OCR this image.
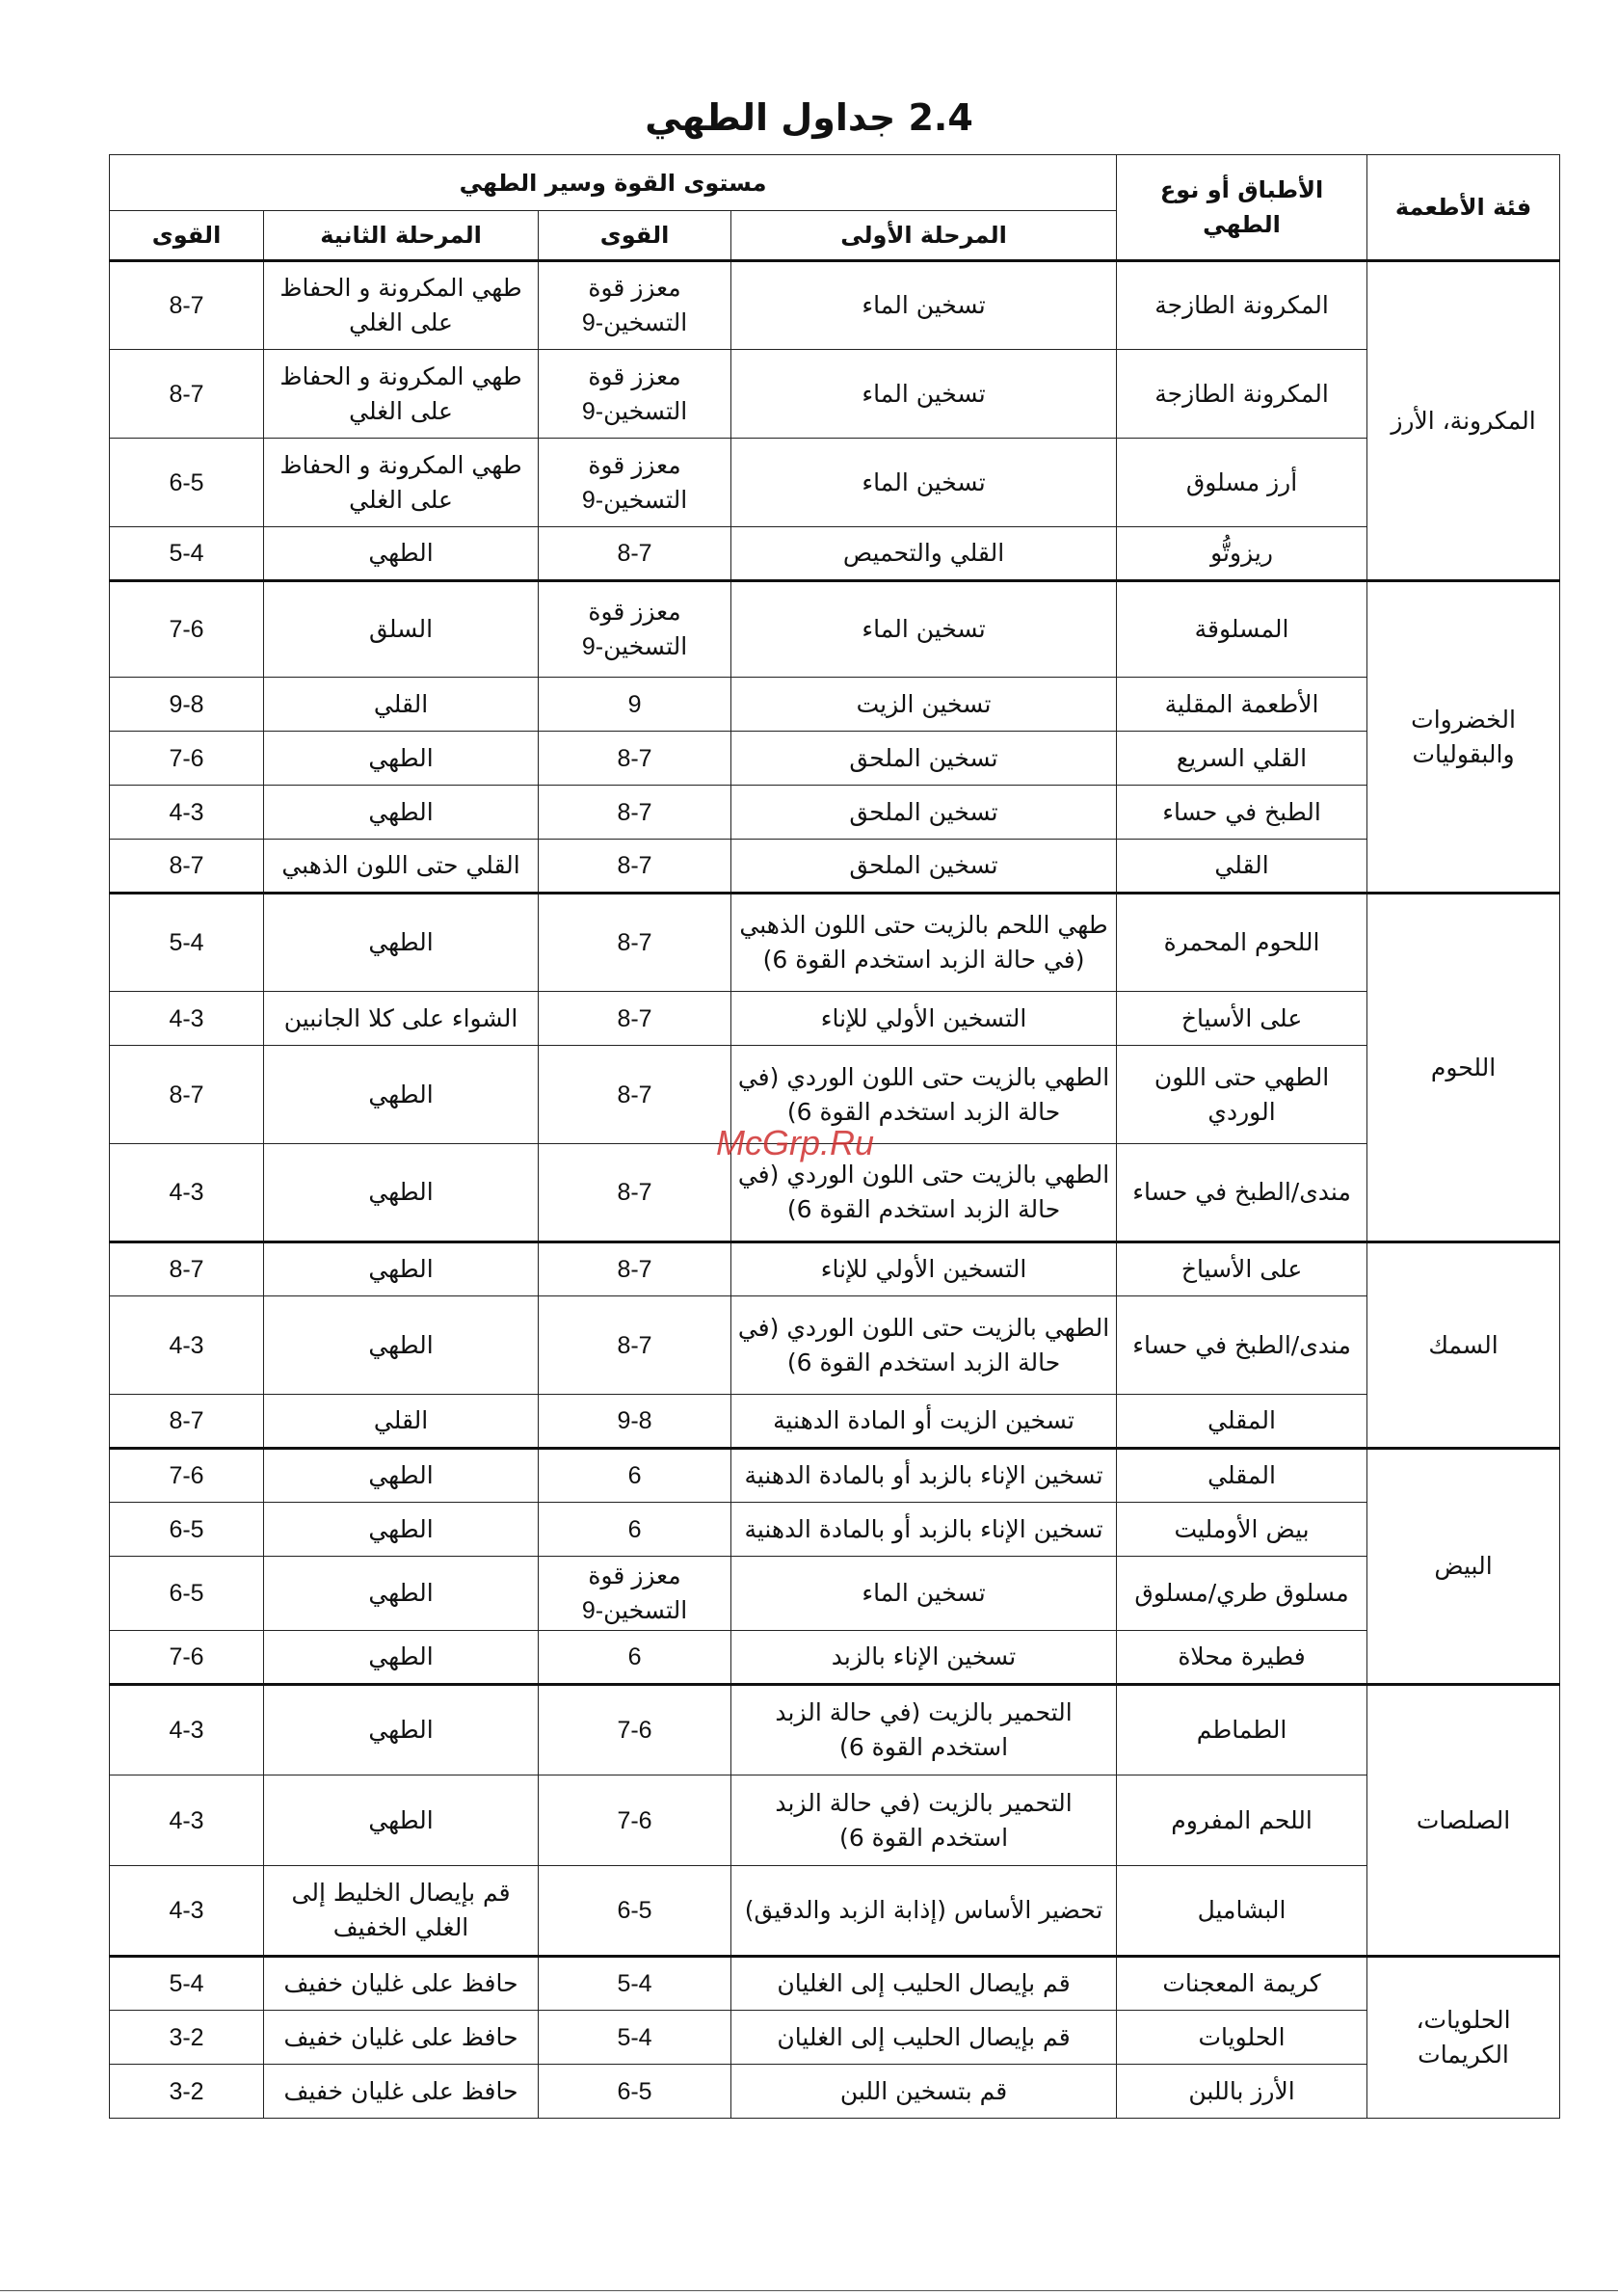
2.4 جداول الطهي
فئة الأطعمة	الأطباق أو نوع الطهي	مستوى القوة وسير الطهي			
		المرحلة الأولى	القوى	المرحلة الثانية	القوى
المكرونة، الأرز	المكرونة الطازجة	تسخين الماء	معزز قوة التسخين-9	طهي المكرونة و الحفاظ على الغلي	8-7
	المكرونة الطازجة	تسخين الماء	معزز قوة التسخين-9	طهي المكرونة و الحفاظ على الغلي	8-7
	أرز مسلوق	تسخين الماء	معزز قوة التسخين-9	طهي المكرونة و الحفاظ على الغلي	6-5
	ريزوتُّو	القلي والتحميص	8-7	الطهي	5-4
الخضروات والبقوليات	المسلوقة	تسخين الماء	معزز قوة التسخين-9	السلق	7-6
	الأطعمة المقلية	تسخين الزيت	9	القلي	9-8
	القلي السريع	تسخين الملحق	8-7	الطهي	7-6
	الطبخ في حساء	تسخين الملحق	8-7	الطهي	4-3
	القلي	تسخين الملحق	8-7	القلي حتى اللون الذهبي	8-7
اللحوم	اللحوم المحمرة	طهي اللحم بالزيت حتى اللون الذهبي (في حالة الزبد استخدم القوة 6)	8-7	الطهي	5-4
	على الأسياخ	التسخين الأولي للإناء	8-7	الشواء على كلا الجانبين	4-3
	الطهي حتى اللون الوردي	الطهي بالزيت حتى اللون الوردي (في حالة الزبد استخدم القوة 6)	8-7	الطهي	8-7
	مندى/الطبخ في حساء	الطهي بالزيت حتى اللون الوردي (في حالة الزبد استخدم القوة 6)	8-7	الطهي	4-3
السمك	على الأسياخ	التسخين الأولي للإناء	8-7	الطهي	8-7
	مندى/الطبخ في حساء	الطهي بالزيت حتى اللون الوردي (في حالة الزبد استخدم القوة 6)	8-7	الطهي	4-3
	المقلي	تسخين الزيت أو المادة الدهنية	9-8	القلي	8-7
البيض	المقلي	تسخين الإناء بالزبد أو بالمادة الدهنية	6	الطهي	7-6
	بيض الأومليت	تسخين الإناء بالزبد أو بالمادة الدهنية	6	الطهي	6-5
	مسلوق طري/مسلوق	تسخين الماء	معزز قوة التسخين-9	الطهي	6-5
	فطيرة محلاة	تسخين الإناء بالزبد	6	الطهي	7-6
الصلصات	الطماطم	التحمير بالزيت (في حالة الزبد استخدم القوة 6)	7-6	الطهي	4-3
	اللحم المفروم	التحمير بالزيت (في حالة الزبد استخدم القوة 6)	7-6	الطهي	4-3
	البشاميل	تحضير الأساس (إذابة الزبد والدقيق)	6-5	قم بإيصال الخليط إلى الغلي الخفيف	4-3
الحلويات، الكريمات	كريمة المعجنات	قم بإيصال الحليب إلى الغليان	5-4	حافظ على غليان خفيف	5-4
	الحلويات	قم بإيصال الحليب إلى الغليان	5-4	حافظ على غليان خفيف	3-2
	الأرز باللبن	قم بتسخين اللبن	6-5	حافظ على غليان خفيف	3-2
McGrp.Ru
